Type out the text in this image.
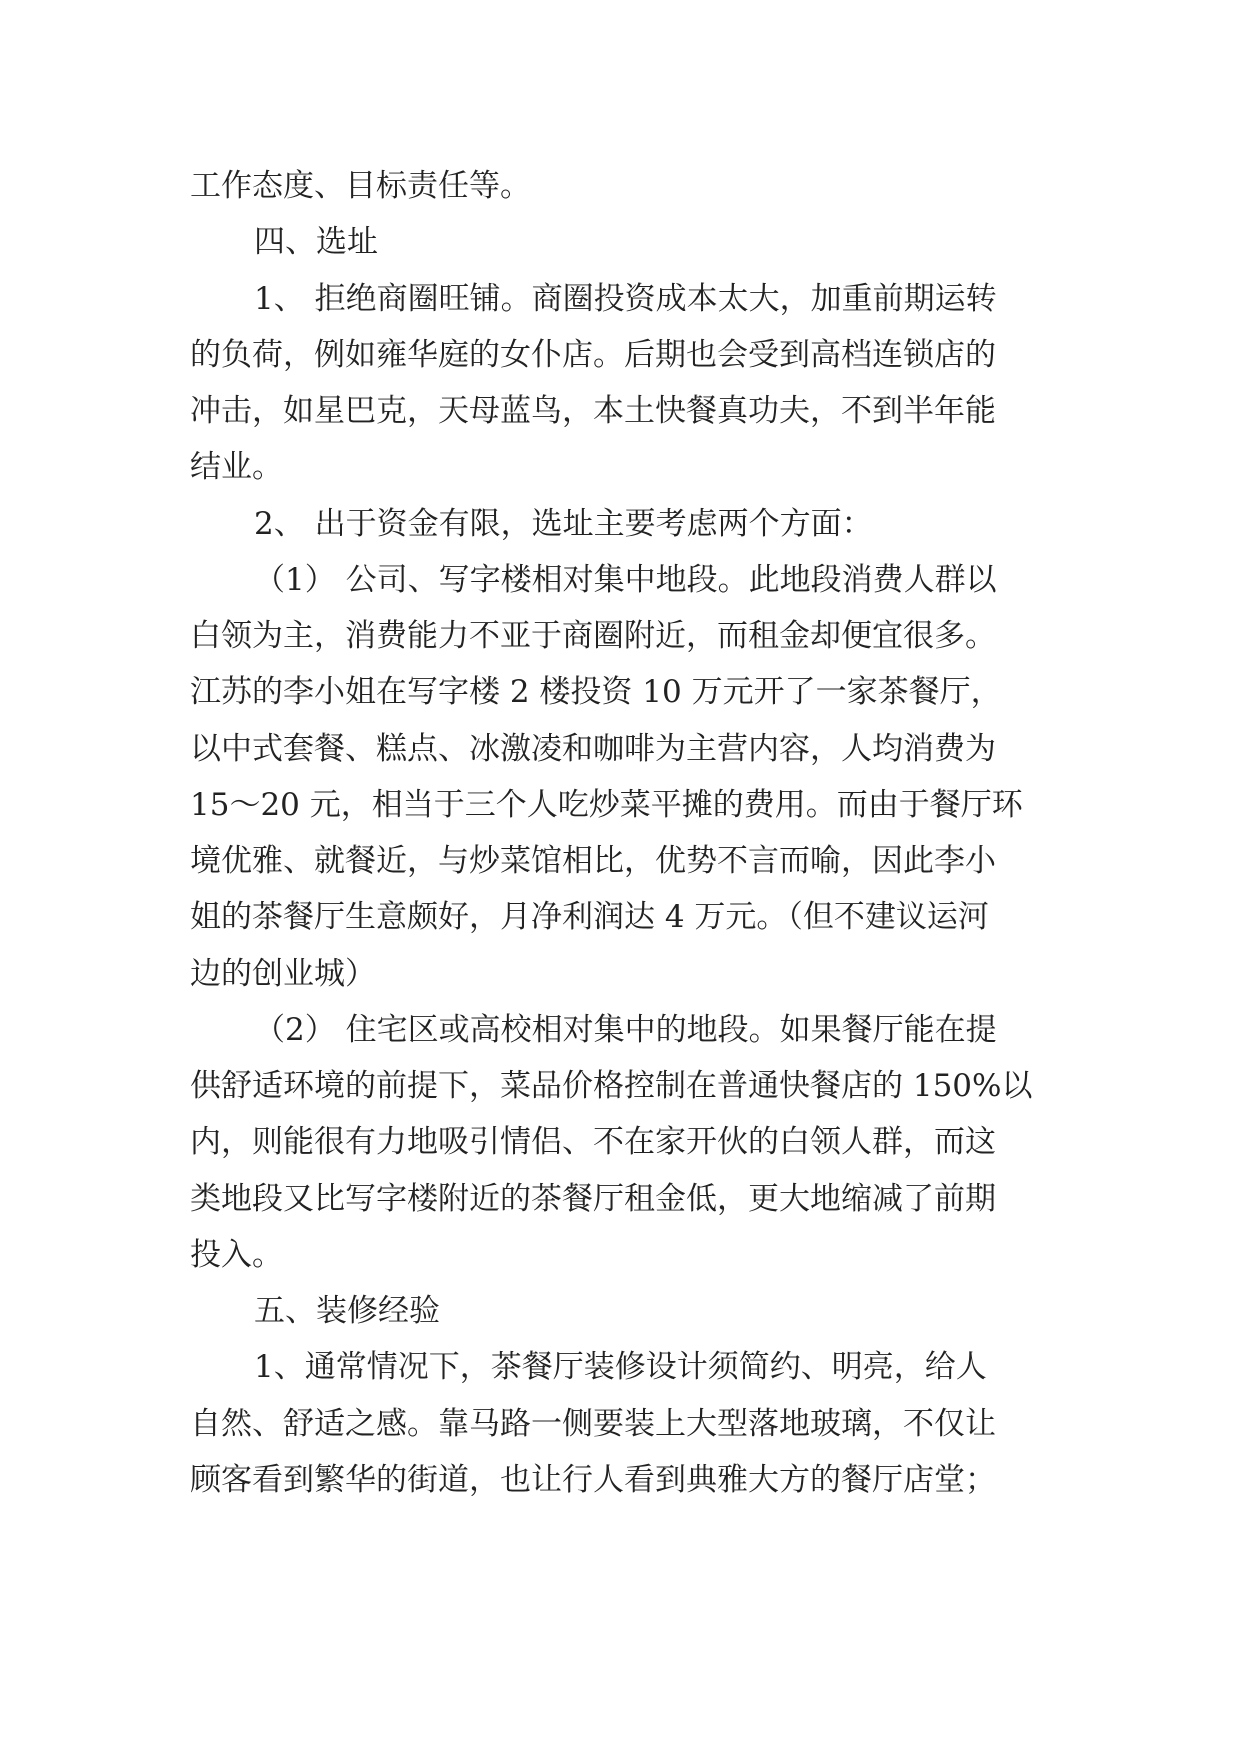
工作态度、目标责任等。
四、选址
1、 拒绝商圈旺铺。商圈投资成本太大，加重前期运转
的负荷，例如雍华庭的女仆店。后期也会受到高档连锁店的
冲击，如星巴克，天母蓝鸟，本土快餐真功夫，不到半年能
结业。
2、 出于资金有限，选址主要考虑两个方面：
（1） 公司、写字楼相对集中地段。此地段消费人群以
白领为主，消费能力不亚于商圈附近，而租金却便宜很多。
江苏的李小姐在写字楼 2 楼投资 10 万元开了一家茶餐厅，
以中式套餐、糕点、冰激凌和咖啡为主营内容，人均消费为
15～20 元，相当于三个人吃炒菜平摊的费用。而由于餐厅环
境优雅、就餐近，与炒菜馆相比，优势不言而喻，因此李小
姐的茶餐厅生意颇好，月净利润达 4 万元。（但不建议运河
边的创业城）
（2） 住宅区或高校相对集中的地段。如果餐厅能在提
供舒适环境的前提下，菜品价格控制在普通快餐店的 150%以
内，则能很有力地吸引情侣、不在家开伙的白领人群，而这
类地段又比写字楼附近的茶餐厅租金低，更大地缩减了前期
投入。
五、装修经验
1、通常情况下，茶餐厅装修设计须简约、明亮，给人
自然、舒适之感。靠马路一侧要装上大型落地玻璃，不仅让
顾客看到繁华的街道，也让行人看到典雅大方的餐厅店堂；
